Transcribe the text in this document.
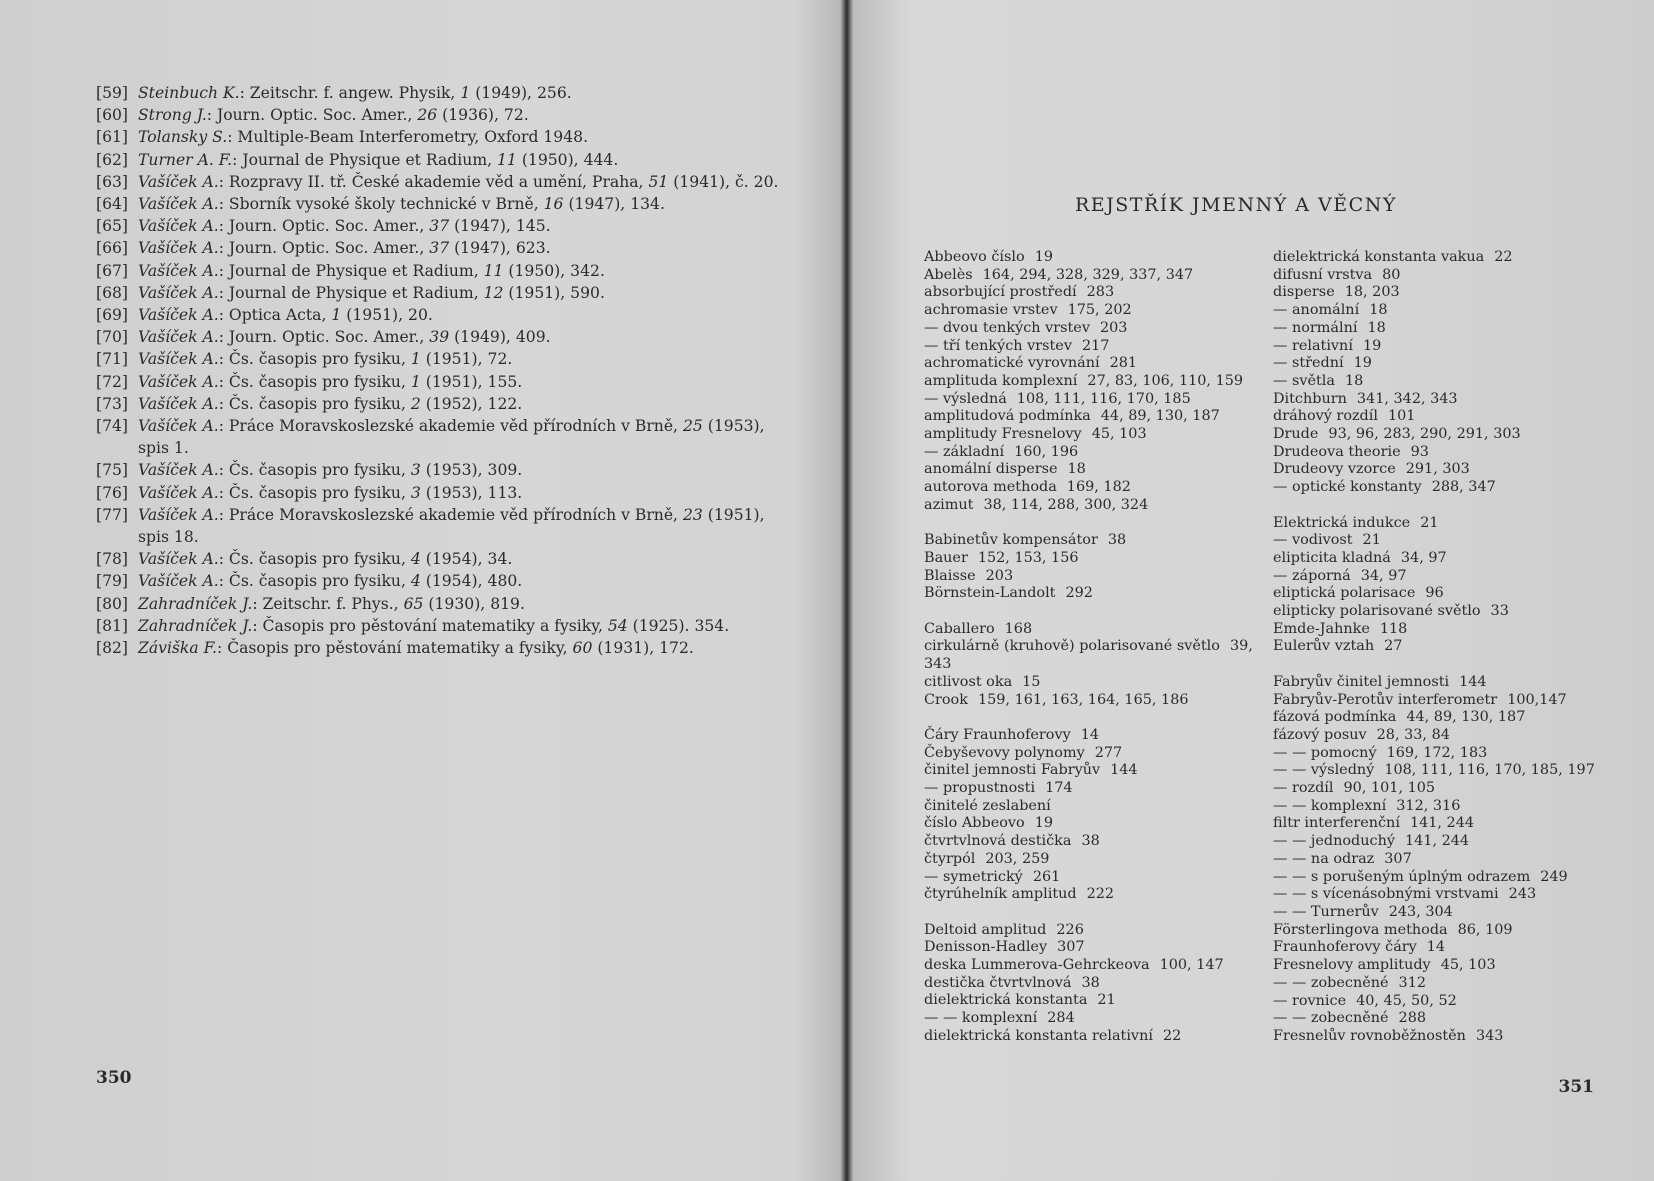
[59] Steinbuch K.: Zeitschr. f. angew. Physik, 1 (1949), 256.
[60] Strong J.: Journ. Optic. Soc. Amer., 26 (1936), 72.
[61] Tolansky S.: Multiple-Beam Interferometry, Oxford 1948.
[62] Turner A. F.: Journal de Physique et Radium, 11 (1950), 444.
[63] Vašíček A.: Rozpravy II. tř. České akademie věd a umění, Praha, 51 (1941), č. 20.
[64] Vašíček A.: Sborník vysoké školy technické v Brně, 16 (1947), 134.
[65] Vašíček A.: Journ. Optic. Soc. Amer., 37 (1947), 145.
[66] Vašíček A.: Journ. Optic. Soc. Amer., 37 (1947), 623.
[67] Vašíček A.: Journal de Physique et Radium, 11 (1950), 342.
[68] Vašíček A.: Journal de Physique et Radium, 12 (1951), 590.
[69] Vašíček A.: Optica Acta, 1 (1951), 20.
[70] Vašíček A.: Journ. Optic. Soc. Amer., 39 (1949), 409.
[71] Vašíček A.: Čs. časopis pro fysiku, 1 (1951), 72.
[72] Vašíček A.: Čs. časopis pro fysiku, 1 (1951), 155.
[73] Vašíček A.: Čs. časopis pro fysiku, 2 (1952), 122.
[74] Vašíček A.: Práce Moravskoslezské akademie věd přírodních v Brně, 25 (1953), spis 1.
[75] Vašíček A.: Čs. časopis pro fysiku, 3 (1953), 309.
[76] Vašíček A.: Čs. časopis pro fysiku, 3 (1953), 113.
[77] Vašíček A.: Práce Moravskoslezské akademie věd přírodních v Brně, 23 (1951), spis 18.
[78] Vašíček A.: Čs. časopis pro fysiku, 4 (1954), 34.
[79] Vašíček A.: Čs. časopis pro fysiku, 4 (1954), 480.
[80] Zahradníček J.: Zeitschr. f. Phys., 65 (1930), 819.
[81] Zahradníček J.: Časopis pro pěstování matematiky a fysiky, 54 (1925). 354.
[82] Záviška F.: Časopis pro pěstování matematiky a fysiky, 60 (1931), 172.
350
REJSTŘÍK JMENNÝ A VĚCNÝ
Abbeovo číslo 19
Abelès 164, 294, 328, 329, 337, 347
absorbující prostředí 283
achromasie vrstev 175, 202
— dvou tenkých vrstev 203
— tří tenkých vrstev 217
achromatické vyrovnání 281
amplituda komplexní 27, 83, 106, 110, 159
— výsledná 108, 111, 116, 170, 185
amplitudová podmínka 44, 89, 130, 187
amplitudy Fresnelovy 45, 103
— základní 160, 196
anomální disperse 18
autorova methoda 169, 182
azimut 38, 114, 288, 300, 324
Babinetův kompensátor 38
Bauer 152, 153, 156
Blaisse 203
Börnstein-Landolt 292
Caballero 168
cirkulárně (kruhově) polarisované světlo 39, 343
citlivost oka 15
Crook 159, 161, 163, 164, 165, 186
Čáry Fraunhoferovy 14
Čebyševovy polynomy 277
činitel jemnosti Fabryův 144
— propustnosti 174
činitelé zeslabení
číslo Abbeovo 19
čtvrtvlnová destička 38
čtyrpól 203, 259
— symetrický 261
čtyrúhelník amplitud 222
Deltoid amplitud 226
Denisson-Hadley 307
deska Lummerova-Gehrckeova 100, 147
destička čtvrtvlnová 38
dielektrická konstanta 21
— — komplexní 284
dielektrická konstanta relativní 22
dielektrická konstanta vakua 22
difusní vrstva 80
disperse 18, 203
— anomální 18
— normální 18
— relativní 19
— střední 19
— světla 18
Ditchburn 341, 342, 343
dráhový rozdíl 101
Drude 93, 96, 283, 290, 291, 303
Drudeova theorie 93
Drudeovy vzorce 291, 303
— optické konstanty 288, 347
Elektrická indukce 21
— vodivost 21
elipticita kladná 34, 97
— záporná 34, 97
eliptická polarisace 96
elipticky polarisované světlo 33
Emde-Jahnke 118
Eulerův vztah 27
Fabryův činitel jemnosti 144
Fabryův-Perotův interferometr 100,147
fázová podmínka 44, 89, 130, 187
fázový posuv 28, 33, 84
— — pomocný 169, 172, 183
— — výsledný 108, 111, 116, 170, 185, 197
— rozdíl 90, 101, 105
— — komplexní 312, 316
filtr interferenční 141, 244
— — jednoduchý 141, 244
— — na odraz 307
— — s porušeným úplným odrazem 249
— — s vícenásobnými vrstvami 243
— — Turnerův 243, 304
Försterlingova methoda 86, 109
Fraunhoferovy čáry 14
Fresnelovy amplitudy 45, 103
— — zobecněné 312
— rovnice 40, 45, 50, 52
— — zobecněné 288
Fresnelův rovnoběžnostěn 343
351
